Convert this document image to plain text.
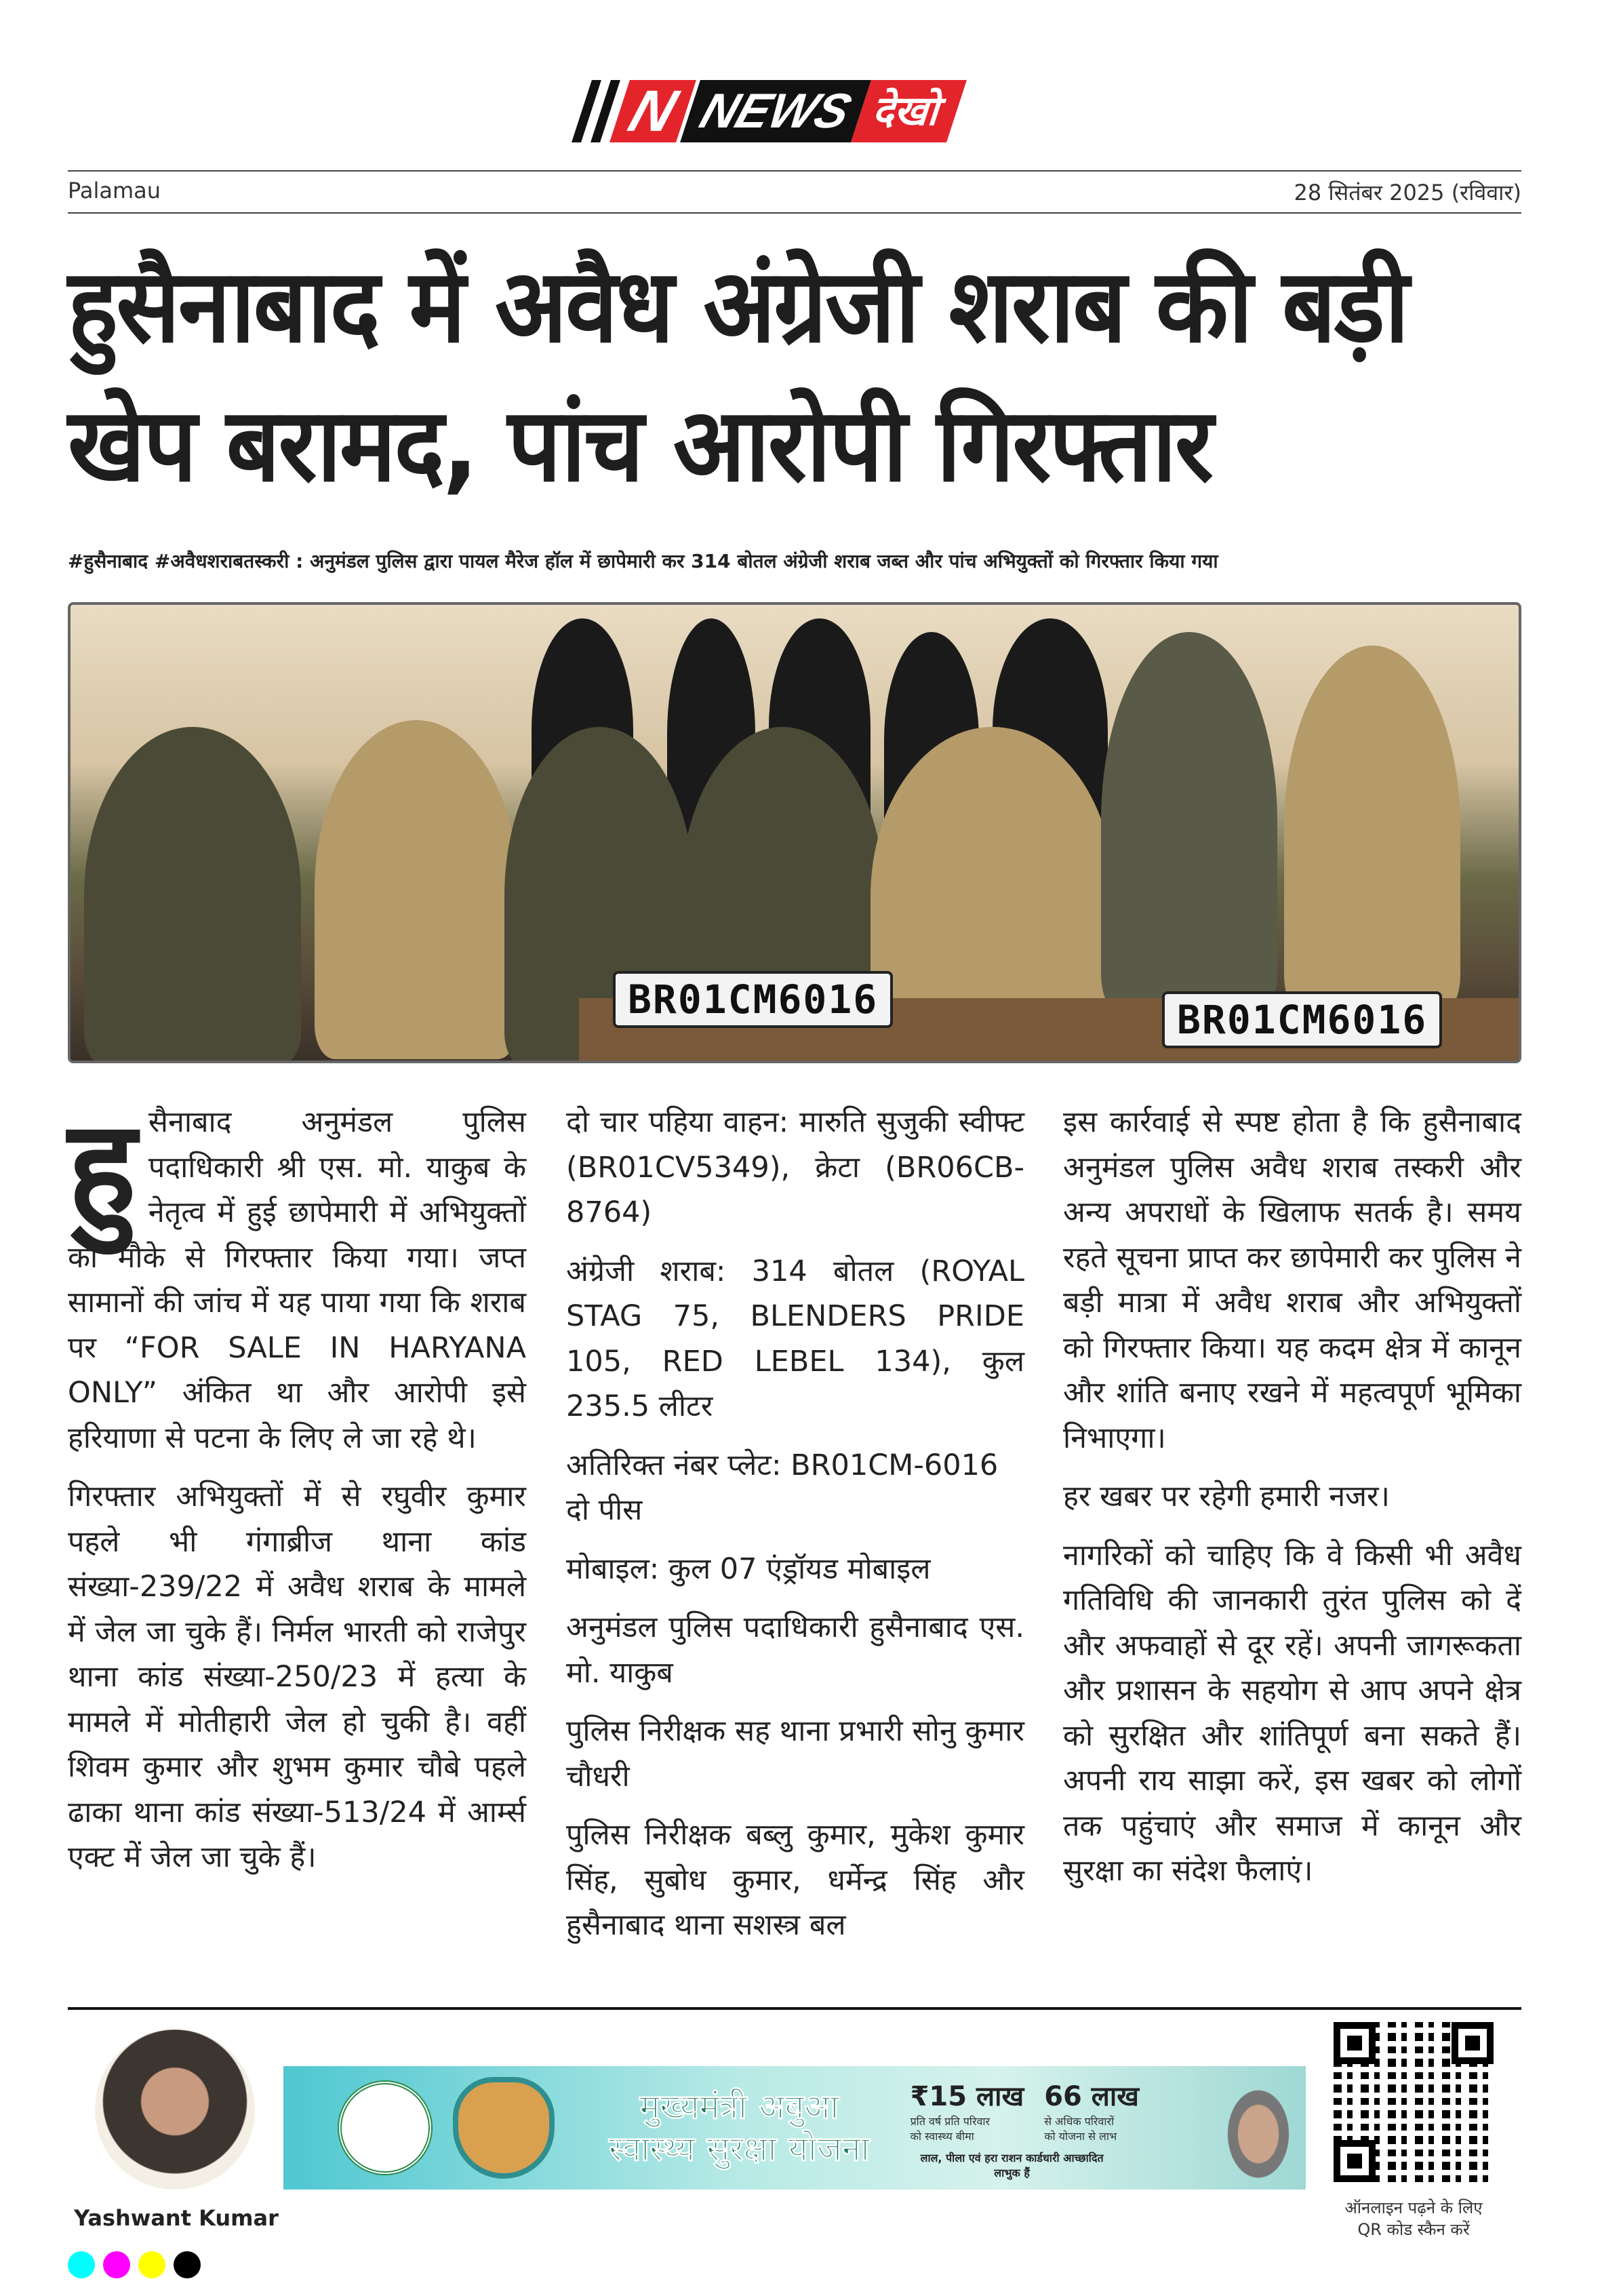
N NEWS देखो
Palamau	28 सितंबर 2025 (रविवार)
हुसैनाबाद में अवैध अंग्रेजी शराब की बड़ी खेप बरामद, पांच आरोपी गिरफ्तार
#हुसैनाबाद #अवैधशराबतस्करी : अनुमंडल पुलिस द्वारा पायल मैरेज हॉल में छापेमारी कर 314 बोतल अंग्रेजी शराब जब्त और पांच अभियुक्तों को गिरफ्तार किया गया
BR01CM6016	BR01CM6016

हुसैनाबाद अनुमंडल पुलिस पदाधिकारी श्री एस. मो. याकुब के नेतृत्व में हुई छापेमारी में अभियुक्तों को मौके से गिरफ्तार किया गया। जप्त सामानों की जांच में यह पाया गया कि शराब पर “FOR SALE IN HARYANA ONLY” अंकित था और आरोपी इसे हरियाणा से पटना के लिए ले जा रहे थे।

गिरफ्तार अभियुक्तों में से रघुवीर कुमार पहले भी गंगाब्रीज थाना कांड संख्या-239/22 में अवैध शराब के मामले में जेल जा चुके हैं। निर्मल भारती को राजेपुर थाना कांड संख्या-250/23 में हत्या के मामले में मोतीहारी जेल हो चुकी है। वहीं शिवम कुमार और शुभम कुमार चौबे पहले ढाका थाना कांड संख्या-513/24 में आर्म्स एक्ट में जेल जा चुके हैं।

दो चार पहिया वाहन: मारुति सुजुकी स्वीफ्ट (BR01CV5349), क्रेटा (BR06CB-8764)

अंग्रेजी शराब: 314 बोतल (ROYAL STAG 75, BLENDERS PRIDE 105, RED LEBEL 134), कुल 235.5 लीटर

अतिरिक्त नंबर प्लेट: BR01CM-6016 दो पीस

मोबाइल: कुल 07 एंड्रॉयड मोबाइल

अनुमंडल पुलिस पदाधिकारी हुसैनाबाद एस. मो. याकुब

पुलिस निरीक्षक सह थाना प्रभारी सोनु कुमार चौधरी

पुलिस निरीक्षक बब्लु कुमार, मुकेश कुमार सिंह, सुबोध कुमार, धर्मेन्द्र सिंह और हुसैनाबाद थाना सशस्त्र बल

इस कार्रवाई से स्पष्ट होता है कि हुसैनाबाद अनुमंडल पुलिस अवैध शराब तस्करी और अन्य अपराधों के खिलाफ सतर्क है। समय रहते सूचना प्राप्त कर छापेमारी कर पुलिस ने बड़ी मात्रा में अवैध शराब और अभियुक्तों को गिरफ्तार किया। यह कदम क्षेत्र में कानून और शांति बनाए रखने में महत्वपूर्ण भूमिका निभाएगा।

हर खबर पर रहेगी हमारी नजर।

नागरिकों को चाहिए कि वे किसी भी अवैध गतिविधि की जानकारी तुरंत पुलिस को दें और अफवाहों से दूर रहें। अपनी जागरूकता और प्रशासन के सहयोग से आप अपने क्षेत्र को सुरक्षित और शांतिपूर्ण बना सकते हैं। अपनी राय साझा करें, इस खबर को लोगों तक पहुंचाएं और समाज में कानून और सुरक्षा का संदेश फैलाएं।

Yashwant Kumar
मुख्यमंत्री अबुआ
स्वास्थ्य सुरक्षा योजना
₹15 लाख
प्रति वर्ष प्रति परिवार को स्वास्थ्य बीमा
66 लाख
से अधिक परिवारों को योजना से लाभ
लाल, पीला एवं हरा राशन कार्डधारी आच्छादित लाभुक हैं
ऑनलाइन पढ़ने के लिए
QR कोड स्कैन करें
